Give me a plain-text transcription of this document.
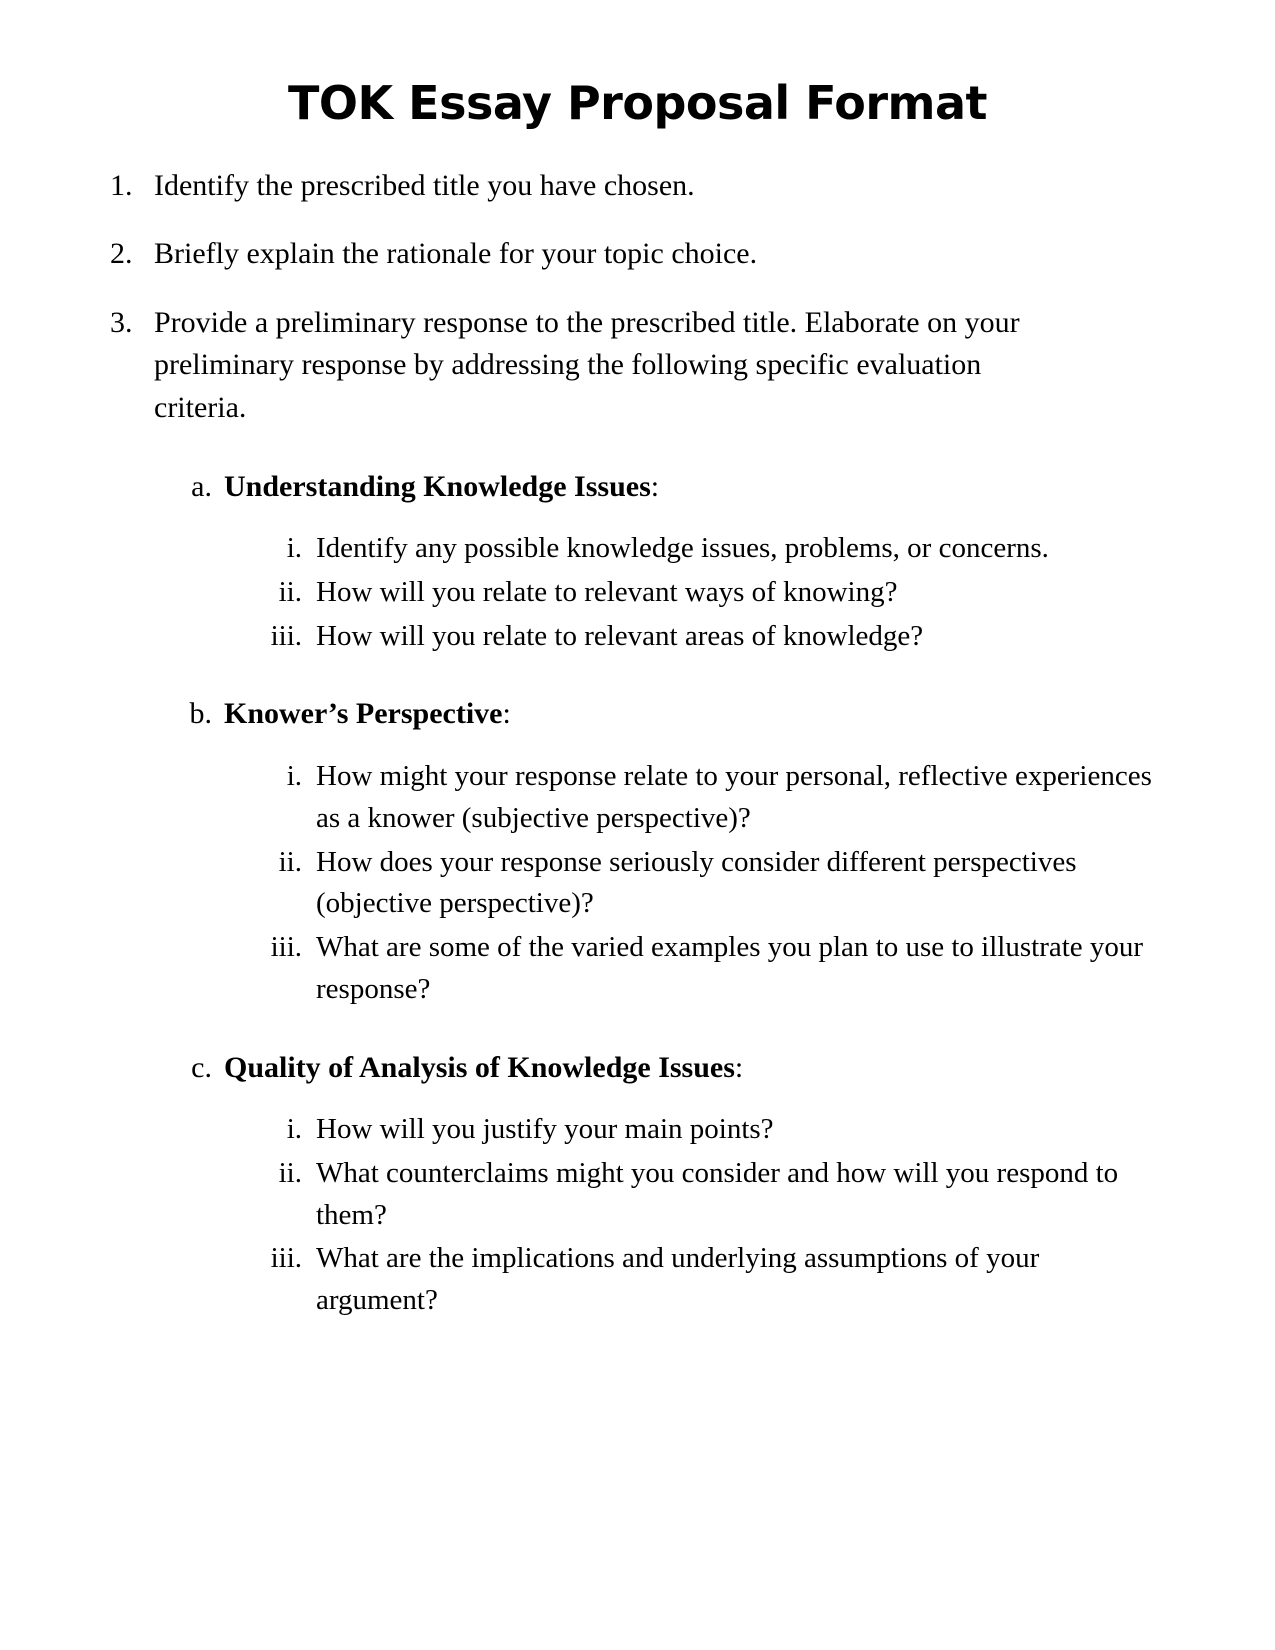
TOK Essay Proposal Format
1. Identify the prescribed title you have chosen.
2. Briefly explain the rationale for your topic choice.
3. Provide a preliminary response to the prescribed title. Elaborate on your preliminary response by addressing the following specific evaluation criteria.
a. Understanding Knowledge Issues:
i. Identify any possible knowledge issues, problems, or concerns.
ii. How will you relate to relevant ways of knowing?
iii. How will you relate to relevant areas of knowledge?
b. Knower’s Perspective:
i. How might your response relate to your personal, reflective experiences as a knower (subjective perspective)?
ii. How does your response seriously consider different perspectives (objective perspective)?
iii. What are some of the varied examples you plan to use to illustrate your response?
c. Quality of Analysis of Knowledge Issues:
i. How will you justify your main points?
ii. What counterclaims might you consider and how will you respond to them?
iii. What are the implications and underlying assumptions of your argument?
